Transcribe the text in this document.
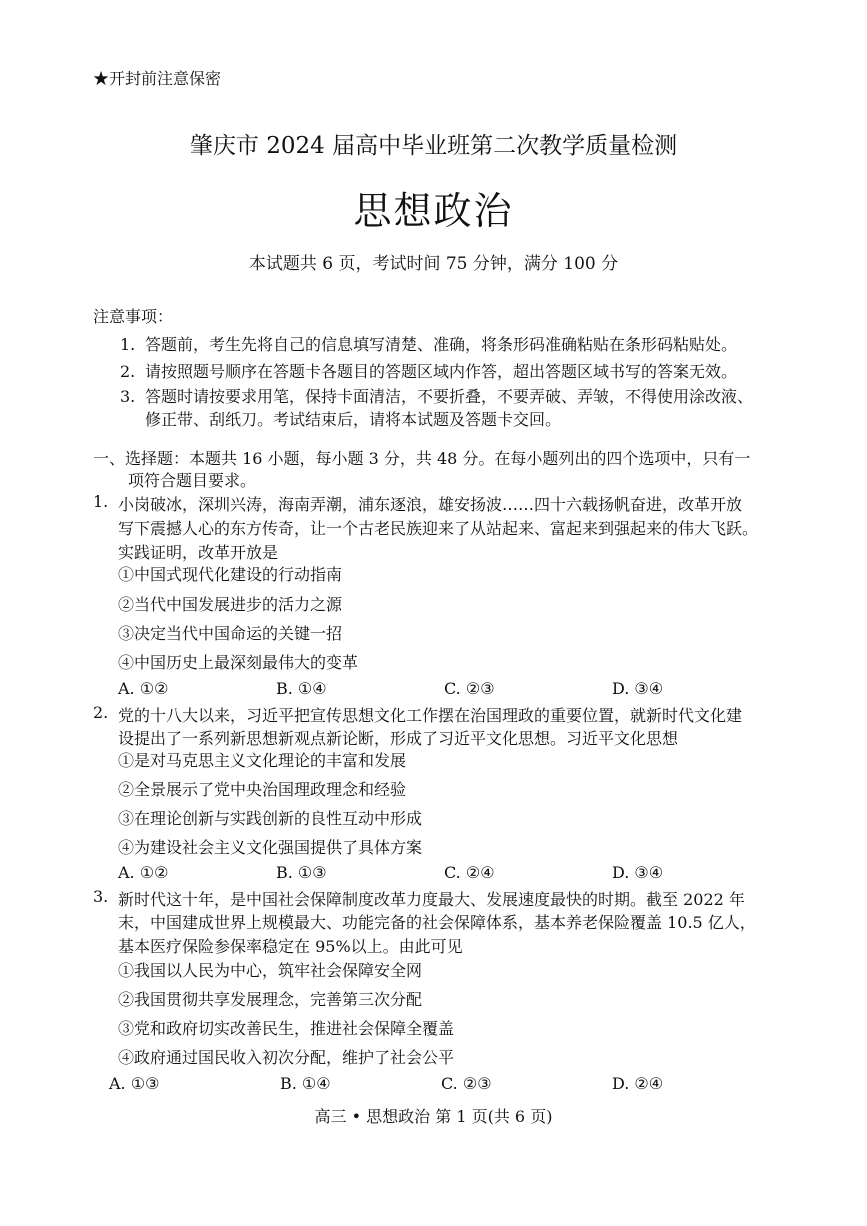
★开封前注意保密
肇庆市 2024 届高中毕业班第二次教学质量检测
思想政治
本试题共 6 页，考试时间 75 分钟，满分 100 分
注意事项：
1. 答题前，考生先将自己的信息填写清楚、准确，将条形码准确粘贴在条形码粘贴处。
2. 请按照题号顺序在答题卡各题目的答题区域内作答，超出答题区域书写的答案无效。
3. 答题时请按要求用笔，保持卡面清洁，不要折叠，不要弄破、弄皱，不得使用涂改液、
修正带、刮纸刀。考试结束后，请将本试题及答题卡交回。
一、选择题：本题共 16 小题，每小题 3 分，共 48 分。在每小题列出的四个选项中，只有一
项符合题目要求。
1. 小岗破冰，深圳兴涛，海南弄潮，浦东逐浪，雄安扬波……四十六载扬帆奋进，改革开放
写下震撼人心的东方传奇，让一个古老民族迎来了从站起来、富起来到强起来的伟大飞跃。
实践证明，改革开放是
①中国式现代化建设的行动指南
②当代中国发展进步的活力之源
③决定当代中国命运的关键一招
④中国历史上最深刻最伟大的变革
A. ①②	B. ①④	C. ②③	D. ③④
2. 党的十八大以来，习近平把宣传思想文化工作摆在治国理政的重要位置，就新时代文化建
设提出了一系列新思想新观点新论断，形成了习近平文化思想。习近平文化思想
①是对马克思主义文化理论的丰富和发展
②全景展示了党中央治国理政理念和经验
③在理论创新与实践创新的良性互动中形成
④为建设社会主义文化强国提供了具体方案
A. ①②	B. ①③	C. ②④	D. ③④
3. 新时代这十年，是中国社会保障制度改革力度最大、发展速度最快的时期。截至 2022 年
末，中国建成世界上规模最大、功能完备的社会保障体系，基本养老保险覆盖 10.5 亿人，
基本医疗保险参保率稳定在 95%以上。由此可见
①我国以人民为中心，筑牢社会保障安全网
②我国贯彻共享发展理念，完善第三次分配
③党和政府切实改善民生，推进社会保障全覆盖
④政府通过国民收入初次分配，维护了社会公平
A. ①③	B. ①④	C. ②③	D. ②④
高三 • 思想政治 第 1 页(共 6 页)
